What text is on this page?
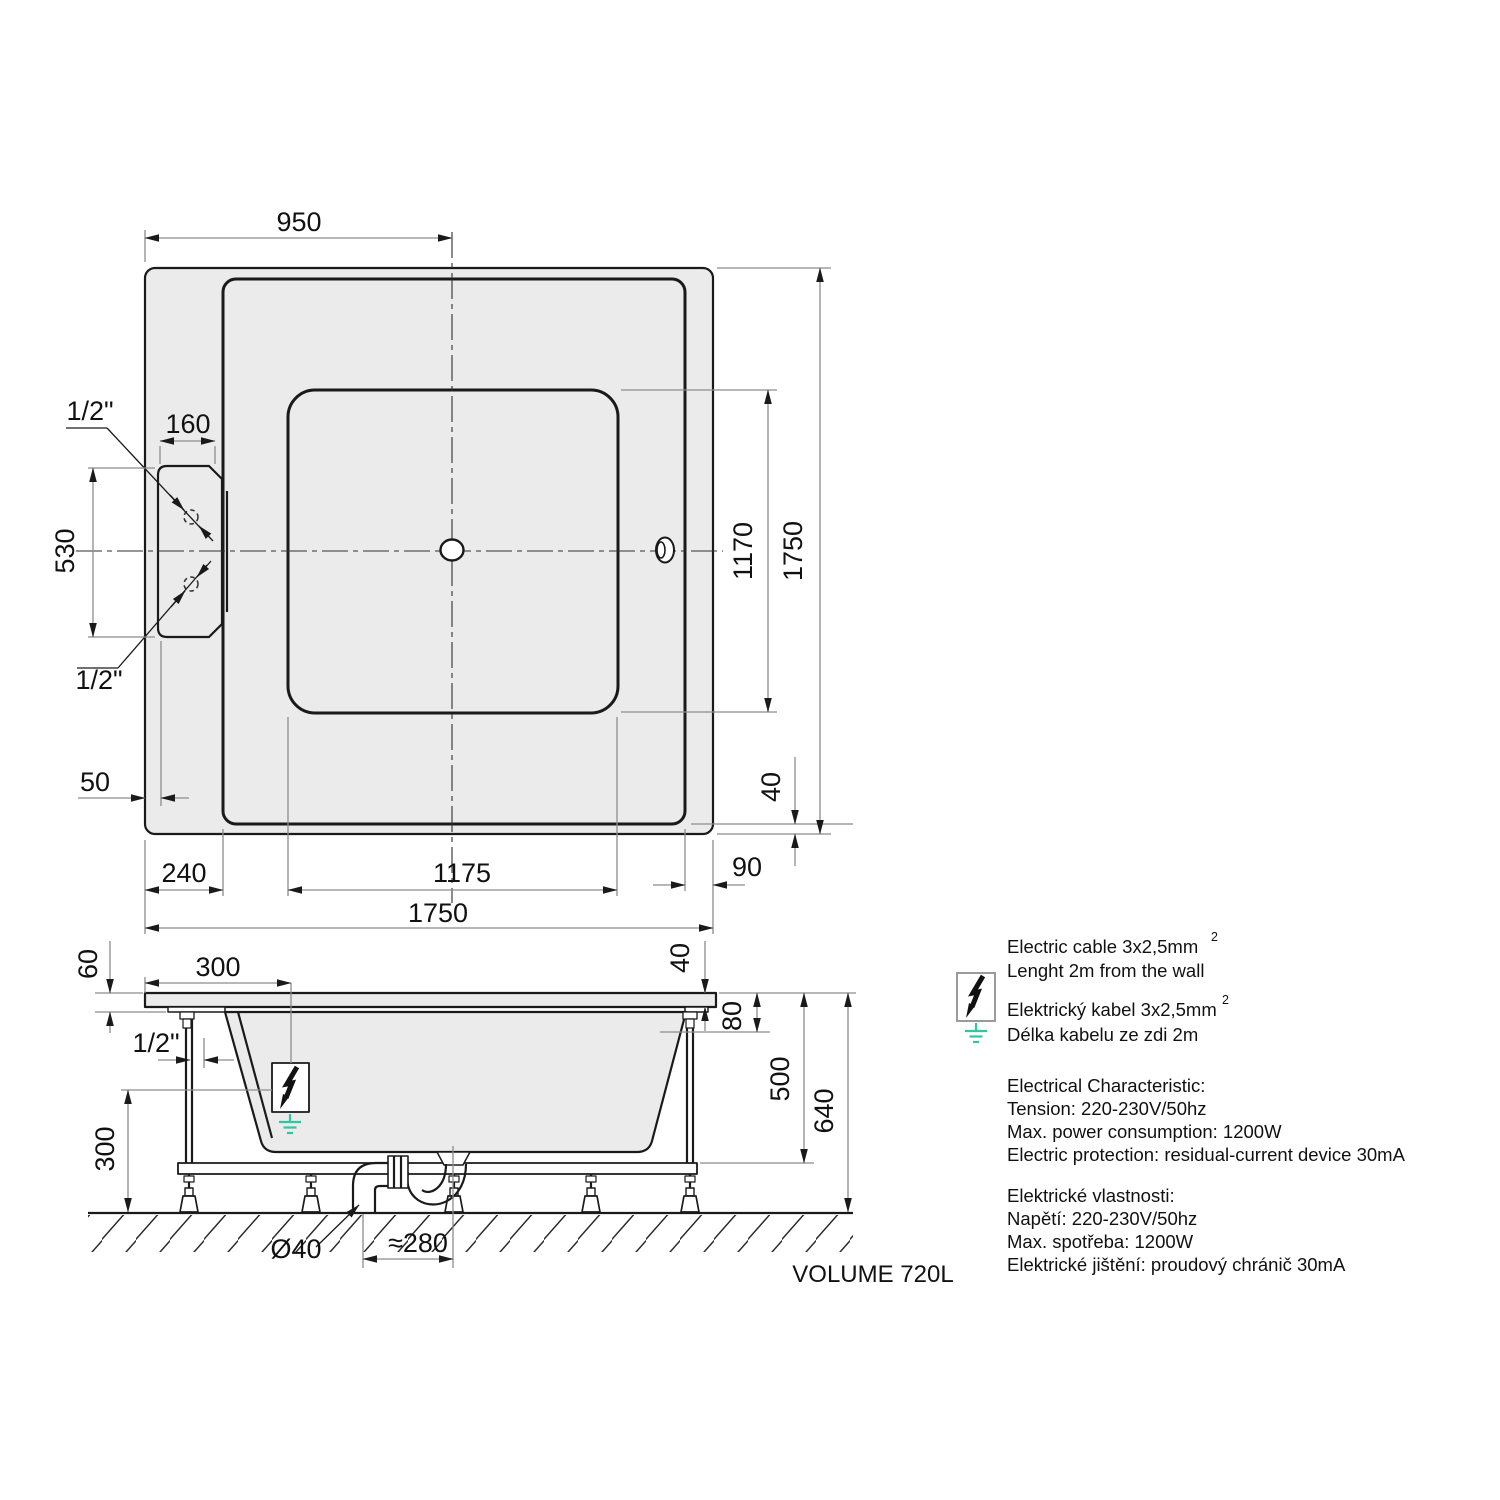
950
1750
1170
160
530
1/2"
1/2"
50
240	1175	90
1750
40
60	300
1/2"
300
40
80
500
640
Ø40 ≈280
VOLUME 720L
Electric cable 3x2,5mm 2
Lenght 2m from the wall
Elektrický kabel 3x2,5mm 2
Délka kabelu ze zdi 2m
Electrical Characteristic:
Tension: 220-230V/50hz
Max. power consumption: 1200W
Electric protection: residual-current device 30mA
Elektrické vlastnosti:
Napětí: 220-230V/50hz
Max. spotřeba: 1200W
Elektrické jištění: proudový chránič 30mA
